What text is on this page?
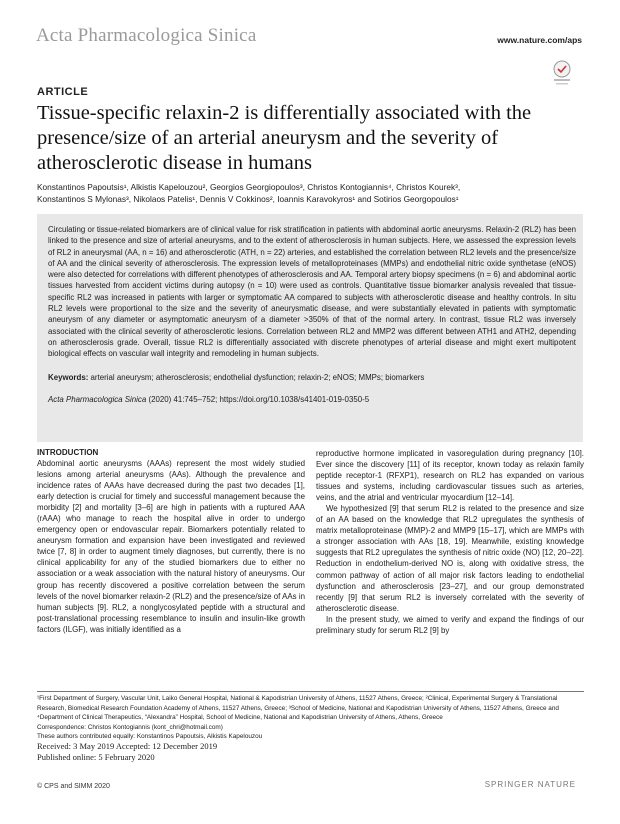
Acta Pharmacologica Sinica	www.nature.com/aps
ARTICLE
Tissue-specific relaxin-2 is differentially associated with the presence/size of an arterial aneurysm and the severity of atherosclerotic disease in humans
Konstantinos Papoutsis¹, Alkistis Kapelouzou², Georgios Georgiopoulos³, Christos Kontogiannis⁴, Christos Kourek³,
Konstantinos S Mylonas³, Nikolaos Patelis¹, Dennis V Cokkinos², Ioannis Karavokyros¹ and Sotirios Georgopoulos¹
Circulating or tissue-related biomarkers are of clinical value for risk stratification in patients with abdominal aortic aneurysms. Relaxin-2 (RL2) has been linked to the presence and size of arterial aneurysms, and to the extent of atherosclerosis in human subjects. Here, we assessed the expression levels of RL2 in aneurysmal (AA, n = 16) and atherosclerotic (ATH, n = 22) arteries, and established the correlation between RL2 levels and the presence/size of AA and the clinical severity of atherosclerosis. The expression levels of metalloproteinases (MMPs) and endothelial nitric oxide synthetase (eNOS) were also detected for correlations with different phenotypes of atherosclerosis and AA. Temporal artery biopsy specimens (n = 6) and abdominal aortic tissues harvested from accident victims during autopsy (n = 10) were used as controls. Quantitative tissue biomarker analysis revealed that tissue-specific RL2 was increased in patients with larger or symptomatic AA compared to subjects with atherosclerotic disease and healthy controls. In situ RL2 levels were proportional to the size and the severity of aneurysmatic disease, and were substantially elevated in patients with symptomatic aneurysm of any diameter or asymptomatic aneurysm of a diameter >350% of that of the normal artery. In contrast, tissue RL2 was inversely associated with the clinical severity of atherosclerotic lesions. Correlation between RL2 and MMP2 was different between ATH1 and ATH2, depending on atherosclerosis grade. Overall, tissue RL2 is differentially associated with discrete phenotypes of arterial disease and might exert multipotent biological effects on vascular wall integrity and remodeling in human subjects.
Keywords: arterial aneurysm; atherosclerosis; endothelial dysfunction; relaxin-2; eNOS; MMPs; biomarkers
Acta Pharmacologica Sinica (2020) 41:745–752; https://doi.org/10.1038/s41401-019-0350-5
INTRODUCTION

Abdominal aortic aneurysms (AAAs) represent the most widely studied lesions among arterial aneurysms (AAs). Although the prevalence and incidence rates of AAAs have decreased during the past two decades [1], early detection is crucial for timely and successful management because the morbidity [2] and mortality [3–6] are high in patients with a ruptured AAA (rAAA) who manage to reach the hospital alive in order to undergo emergency open or endovascular repair. Biomarkers potentially related to aneurysm formation and expansion have been investigated and reviewed twice [7, 8] in order to augment timely diagnoses, but currently, there is no clinical applicability for any of the studied biomarkers due to either no association or a weak association with the natural history of aneurysms. Our group has recently discovered a positive correlation between the serum levels of the novel biomarker relaxin-2 (RL2) and the presence/size of AAs in human subjects [9]. RL2, a nonglycosylated peptide with a structural and post-translational processing resemblance to insulin and insulin-like growth factors (ILGF), was initially identified as a

reproductive hormone implicated in vasoregulation during pregnancy [10]. Ever since the discovery [11] of its receptor, known today as relaxin family peptide receptor-1 (RFXP1), research on RL2 has expanded on various tissues and systems, including cardiovascular tissues such as arteries, veins, and the atrial and ventricular myocardium [12–14].

We hypothesized [9] that serum RL2 is related to the presence and size of an AA based on the knowledge that RL2 upregulates the synthesis of matrix metalloproteinase (MMP)-2 and MMP9 [15–17], which are MMPs with a stronger association with AAs [18, 19]. Meanwhile, existing knowledge suggests that RL2 upregulates the synthesis of nitric oxide (NO) [12, 20–22]. Reduction in endothelium-derived NO is, along with oxidative stress, the common pathway of action of all major risk factors leading to endothelial dysfunction and atherosclerosis [23–27], and our group demonstrated recently [9] that serum RL2 is inversely correlated with the severity of atherosclerotic disease.

In the present study, we aimed to verify and expand the findings of our preliminary study for serum RL2 [9] by

¹First Department of Surgery, Vascular Unit, Laiko General Hospital, National & Kapodistrian University of Athens, 11527 Athens, Greece; ²Clinical, Experimental Surgery & Translational Research, Biomedical Research Foundation Academy of Athens, 11527 Athens, Greece; ³School of Medicine, National and Kapodistrian University of Athens, 11527 Athens, Greece and ⁴Department of Clinical Therapeutics, “Alexandra” Hospital, School of Medicine, National and Kapodistrian University of Athens, Athens, Greece
Correspondence: Christos Kontogiannis (kont_chri@hotmail.com)
These authors contributed equally: Konstantinos Papoutsis, Alkistis Kapelouzou
Received: 3 May 2019 Accepted: 12 December 2019
Published online: 5 February 2020
© CPS and SIMM 2020	SPRINGER NATURE
